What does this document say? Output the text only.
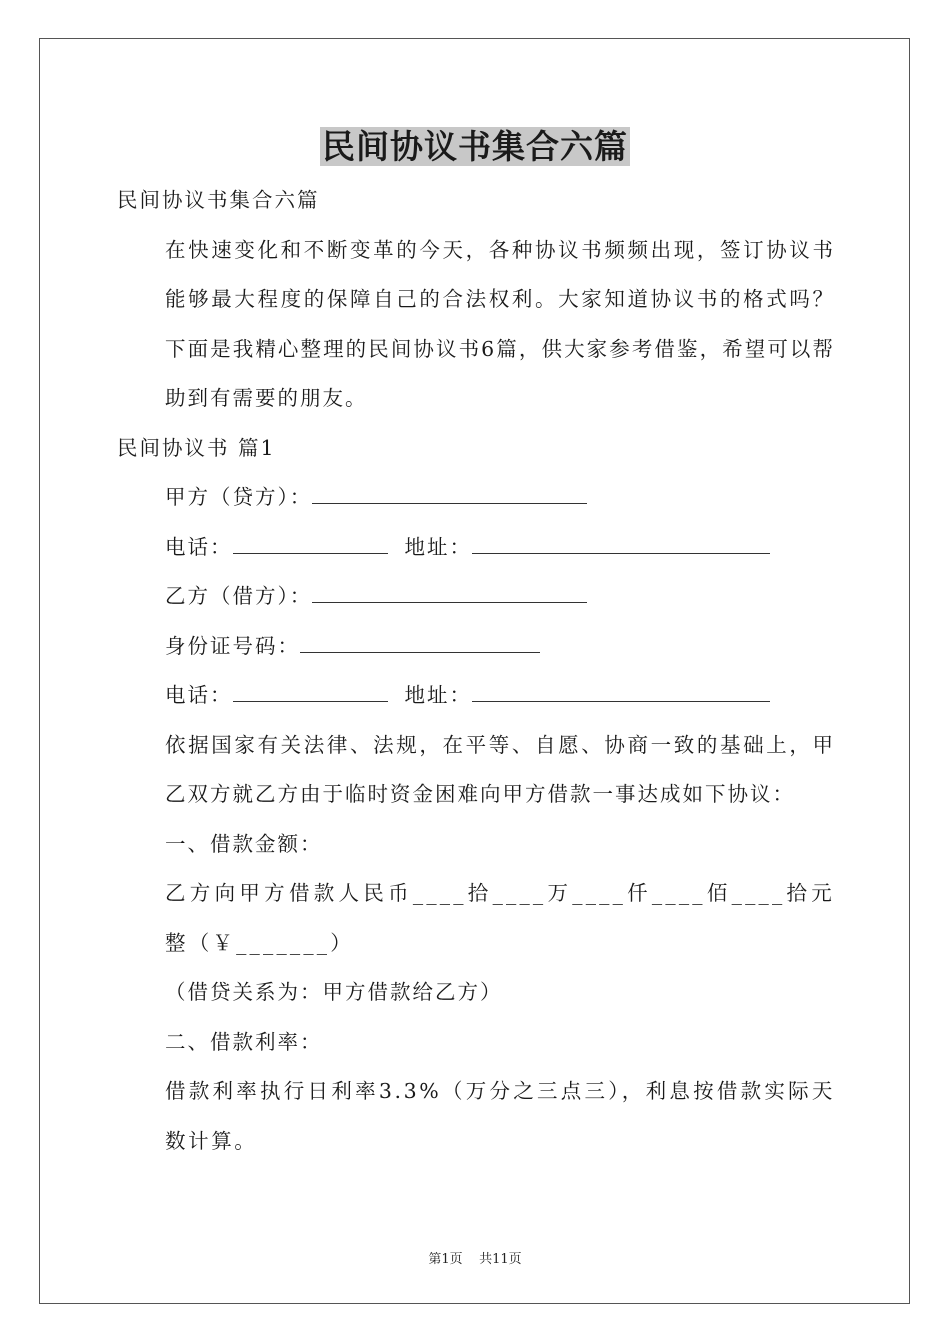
民间协议书集合六篇

民间协议书集合六篇

在快速变化和不断变革的今天，各种协议书频频出现，签订协议书能够最大程度的保障自己的合法权利。大家知道协议书的格式吗？下面是我精心整理的民间协议书6篇，供大家参考借鉴，希望可以帮助到有需要的朋友。

民间协议书 篇1

甲方（贷方）：

电话：	地址：

乙方（借方）：

身份证号码：

电话：	地址：

依据国家有关法律、法规，在平等、自愿、协商一致的基础上，甲乙双方就乙方由于临时资金困难向甲方借款一事达成如下协议：

一、借款金额：

乙方向甲方借款人民币____拾____万____仟____佰____拾元整（￥_______）

（借贷关系为：甲方借款给乙方）

二、借款利率：

借款利率执行日利率3.3%（万分之三点三），利息按借款实际天数计算。

第1页 共11页
